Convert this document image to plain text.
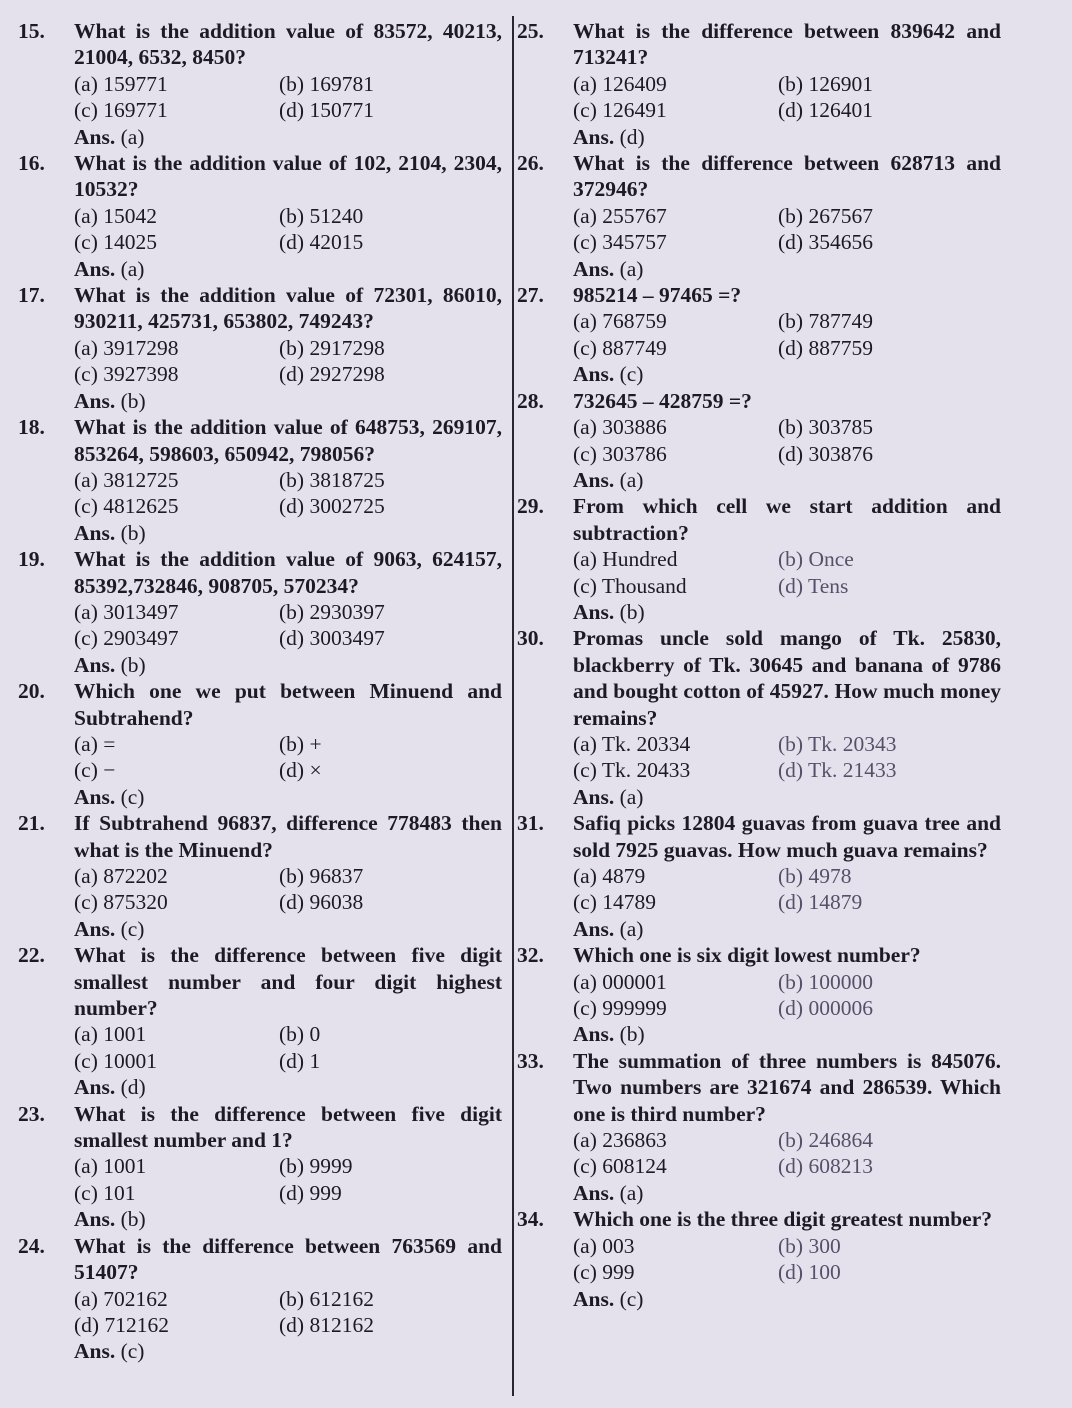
15. What is the addition value of 83572, 40213, 21004, 6532, 8450?
(a) 159771	(b) 169781
(c) 169771	(d) 150771
Ans. (a)
16. What is the addition value of 102, 2104, 2304, 10532?
(a) 15042	(b) 51240
(c) 14025	(d) 42015
Ans. (a)
17. What is the addition value of 72301, 86010, 930211, 425731, 653802, 749243?
(a) 3917298	(b) 2917298
(c) 3927398	(d) 2927298
Ans. (b)
18. What is the addition value of 648753, 269107, 853264, 598603, 650942, 798056?
(a) 3812725	(b) 3818725
(c) 4812625	(d) 3002725
Ans. (b)
19. What is the addition value of 9063, 624157, 85392,732846, 908705, 570234?
(a) 3013497	(b) 2930397
(c) 2903497	(d) 3003497
Ans. (b)
20. Which one we put between Minuend and Subtrahend?
(a) =	(b) +
(c) −	(d) ×
Ans. (c)
21. If Subtrahend 96837, difference 778483 then what is the Minuend?
(a) 872202	(b) 96837
(c) 875320	(d) 96038
Ans. (c)
22. What is the difference between five digit smallest number and four digit highest number?
(a) 1001	(b) 0
(c) 10001	(d) 1
Ans. (d)
23. What is the difference between five digit smallest number and 1?
(a) 1001	(b) 9999
(c) 101	(d) 999
Ans. (b)
24. What is the difference between 763569 and 51407?
(a) 702162	(b) 612162
(d) 712162	(d) 812162
Ans. (c)
25. What is the difference between 839642 and 713241?
(a) 126409	(b) 126901
(c) 126491	(d) 126401
Ans. (d)
26. What is the difference between 628713 and 372946?
(a) 255767	(b) 267567
(c) 345757	(d) 354656
Ans. (a)
27. 985214 – 97465 =?
(a) 768759	(b) 787749
(c) 887749	(d) 887759
Ans. (c)
28. 732645 – 428759 =?
(a) 303886	(b) 303785
(c) 303786	(d) 303876
Ans. (a)
29. From which cell we start addition and subtraction?
(a) Hundred	(b) Once
(c) Thousand	(d) Tens
Ans. (b)
30. Promas uncle sold mango of Tk. 25830, blackberry of Tk. 30645 and banana of 9786 and bought cotton of 45927. How much money remains?
(a) Tk. 20334	(b) Tk. 20343
(c) Tk. 20433	(d) Tk. 21433
Ans. (a)
31. Safiq picks 12804 guavas from guava tree and sold 7925 guavas. How much guava remains?
(a) 4879	(b) 4978
(c) 14789	(d) 14879
Ans. (a)
32. Which one is six digit lowest number?
(a) 000001	(b) 100000
(c) 999999	(d) 000006
Ans. (b)
33. The summation of three numbers is 845076. Two numbers are 321674 and 286539. Which one is third number?
(a) 236863	(b) 246864
(c) 608124	(d) 608213
Ans. (a)
34. Which one is the three digit greatest number?
(a) 003	(b) 300
(c) 999	(d) 100
Ans. (c)
